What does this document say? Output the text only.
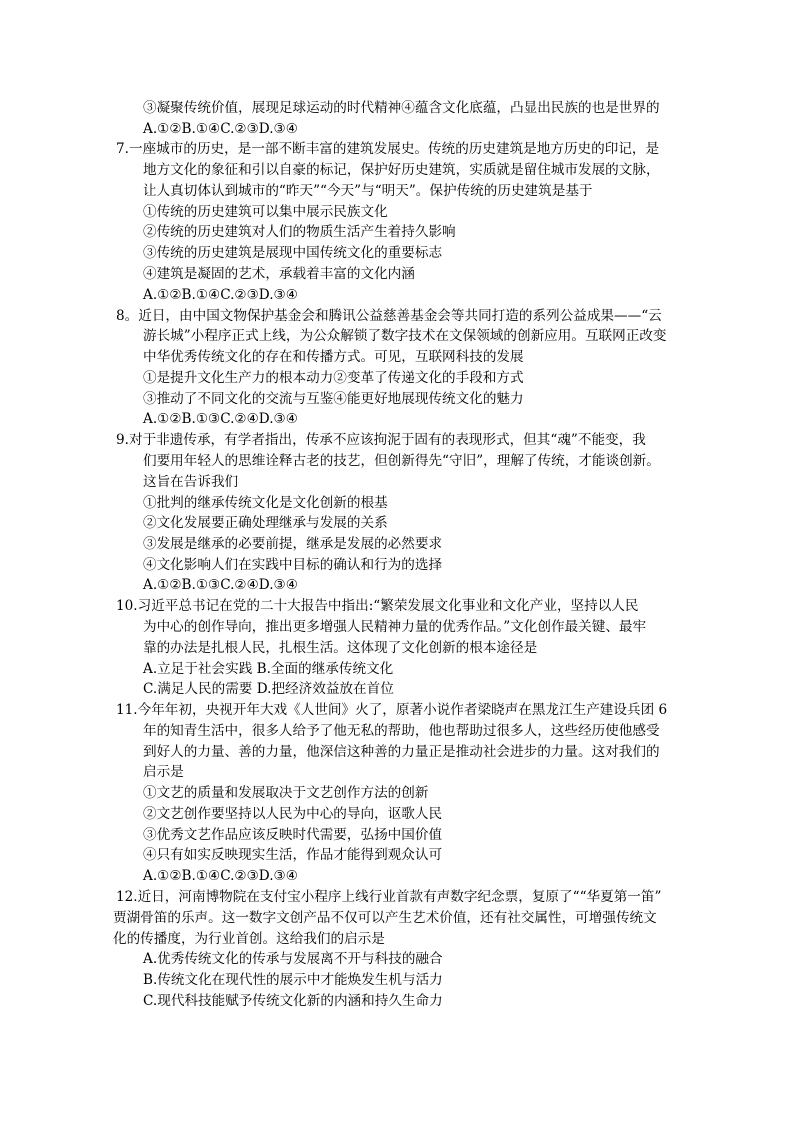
③凝聚传统价值，展现足球运动的时代精神④蕴含文化底蕴，凸显出民族的也是世界的
A.①②B.①④C.②③D.③④
7.一座城市的历史，是一部不断丰富的建筑发展史。传统的历史建筑是地方历史的印记，是
地方文化的象征和引以自豪的标记，保护好历史建筑，实质就是留住城市发展的文脉，
让人真切体认到城市的“昨天”“今天”与“明天”。保护传统的历史建筑是基于
①传统的历史建筑可以集中展示民族文化
②传统的历史建筑对人们的物质生活产生着持久影响
③传统的历史建筑是展现中国传统文化的重要标志
④建筑是凝固的艺术，承载着丰富的文化内涵
A.①②B.①④C.②③D.③④
8。近日，由中国文物保护基金会和腾讯公益慈善基金会等共同打造的系列公益成果——“云
游长城”小程序正式上线，为公众解锁了数字技术在文保领域的创新应用。互联网正改变
中华优秀传统文化的存在和传播方式。可见，互联网科技的发展
①是提升文化生产力的根本动力②变革了传递文化的手段和方式
③推动了不同文化的交流与互鉴④能更好地展现传统文化的魅力
A.①②B.①③C.②④D.③④
9.对于非遗传承，有学者指出，传承不应该拘泥于固有的表现形式，但其“魂”不能变，我
们要用年轻人的思维诠释古老的技艺，但创新得先“守旧”，理解了传统，才能谈创新。
这旨在告诉我们
①批判的继承传统文化是文化创新的根基
②文化发展要正确处理继承与发展的关系
③发展是继承的必要前提，继承是发展的必然要求
④文化影响人们在实践中目标的确认和行为的选择
A.①②B.①③C.②④D.③④
10.习近平总书记在党的二十大报告中指出:“繁荣发展文化事业和文化产业，坚持以人民
为中心的创作导向，推出更多增强人民精神力量的优秀作品。”文化创作最关键、最牢
靠的办法是扎根人民，扎根生活。这体现了文化创新的根本途径是
A.立足于社会实践 B.全面的继承传统文化
C.满足人民的需要 D.把经济效益放在首位
11.今年年初，央视开年大戏《人世间》火了，原著小说作者梁晓声在黑龙江生产建设兵团 6
年的知青生活中，很多人给予了他无私的帮助，他也帮助过很多人，这些经历使他感受
到好人的力量、善的力量，他深信这种善的力量正是推动社会进步的力量。这对我们的
启示是
①文艺的质量和发展取决于文艺创作方法的创新
②文艺创作要坚持以人民为中心的导向，讴歌人民
③优秀文艺作品应该反映时代需要，弘扬中国价值
④只有如实反映现实生活，作品才能得到观众认可
A.①②B.①④C.②③D.③④
12.近日，河南博物院在支付宝小程序上线行业首款有声数字纪念票，复原了““华夏第一笛”
贾湖骨笛的乐声。这一数字文创产品不仅可以产生艺术价值，还有社交属性，可增强传统文
化的传播度，为行业首创。这给我们的启示是
A.优秀传统文化的传承与发展离不开与科技的融合
B.传统文化在现代性的展示中才能焕发生机与活力
C.现代科技能赋予传统文化新的内涵和持久生命力
